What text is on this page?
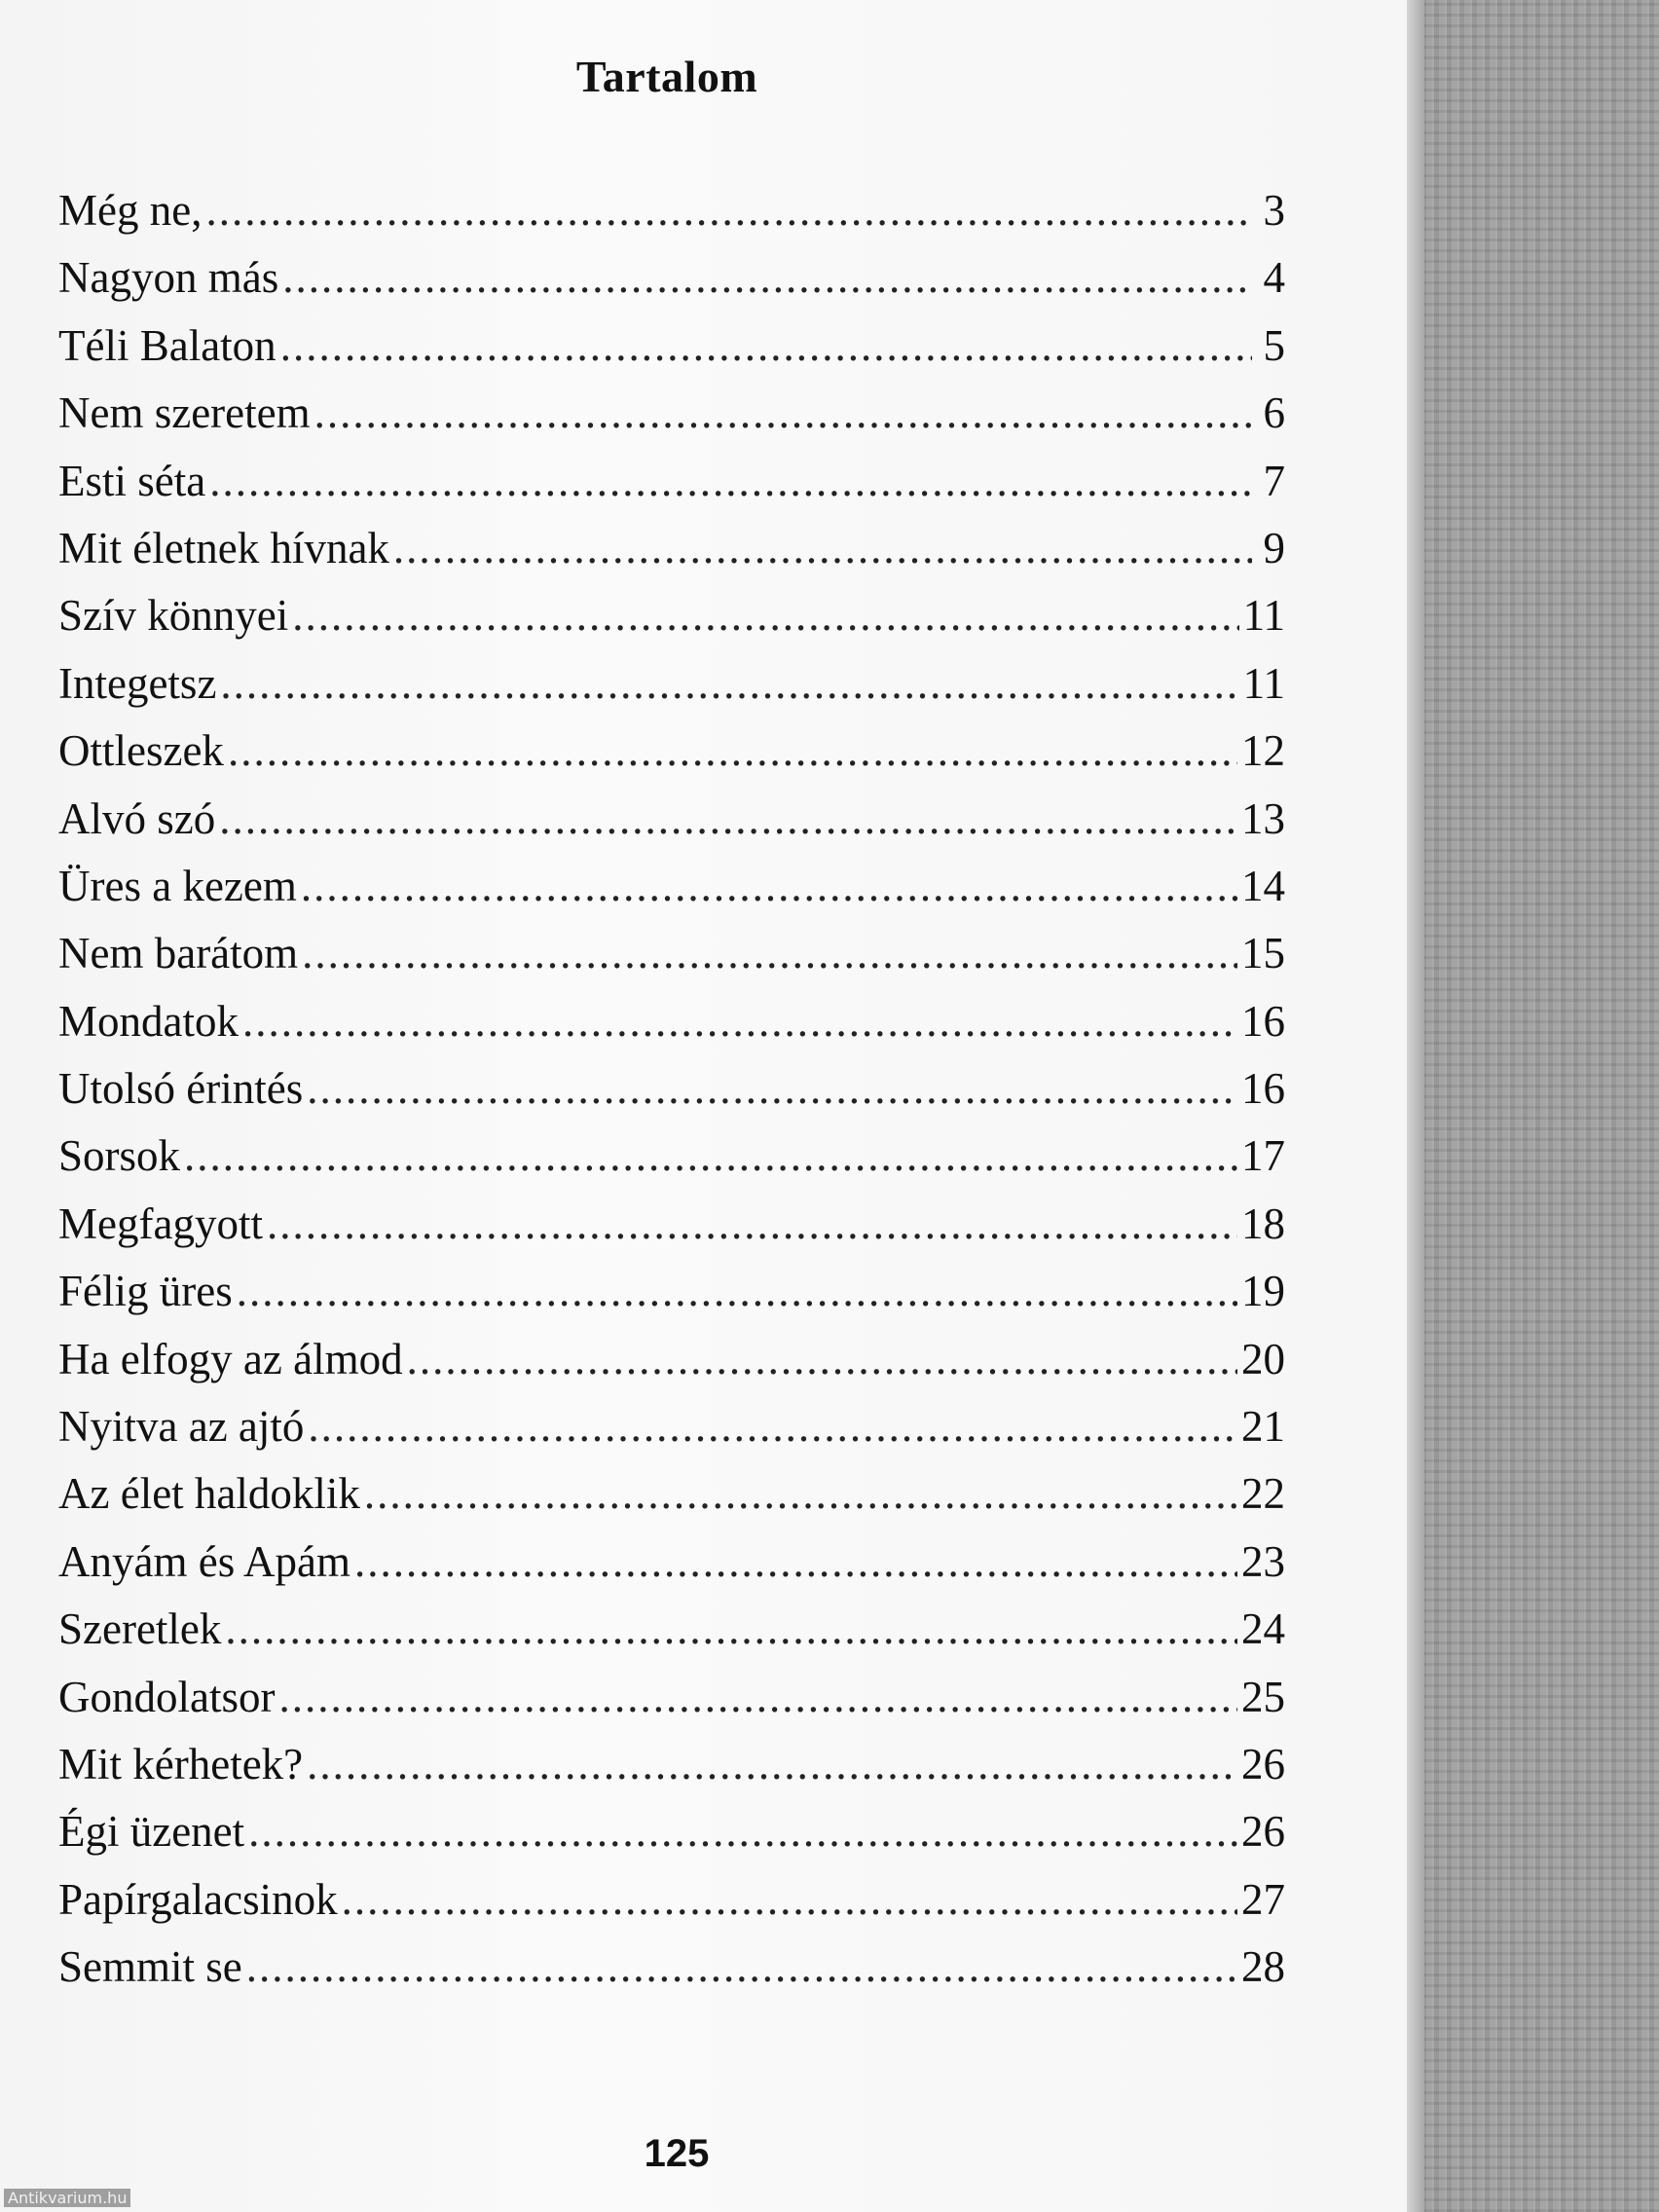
Tartalom
Még ne, .....	3
Nagyon más .....	4
Téli Balaton .....	5
Nem szeretem .....	6
Esti séta .....	7
Mit életnek hívnak .....	9
Szív könnyei .....	11
Integetsz .....	11
Ottleszek .....	12
Alvó szó .....	13
Üres a kezem .....	14
Nem barátom .....	15
Mondatok .....	16
Utolsó érintés .....	16
Sorsok .....	17
Megfagyott .....	18
Félig üres .....	19
Ha elfogy az álmod .....	20
Nyitva az ajtó .....	21
Az élet haldoklik .....	22
Anyám és Apám .....	23
Szeretlek .....	24
Gondolatsor .....	25
Mit kérhetek? .....	26
Égi üzenet .....	26
Papírgalacsinok .....	27
Semmit se .....	28
125
Antikvarium.hu
